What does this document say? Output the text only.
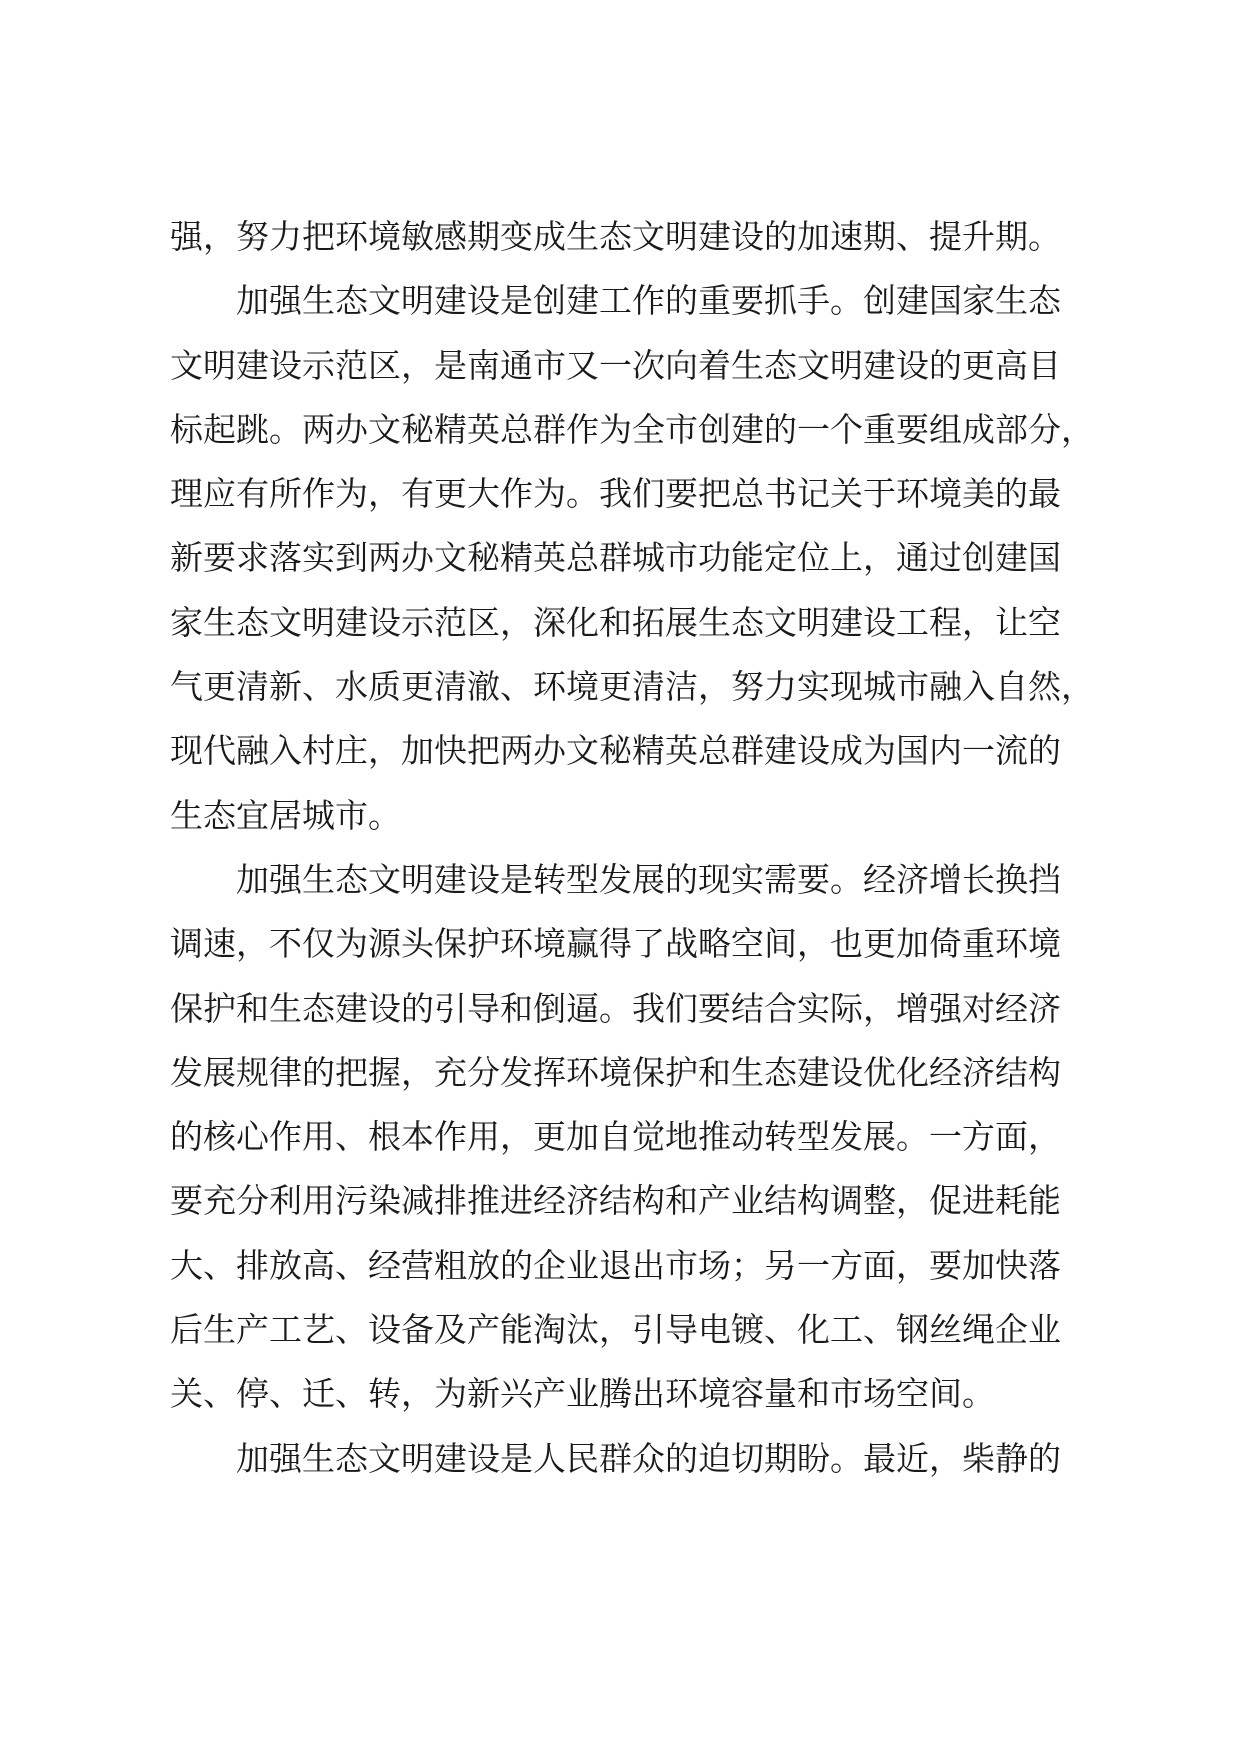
强，努力把环境敏感期变成生态文明建设的加速期、提升期。

加强生态文明建设是创建工作的重要抓手。创建国家生态
文明建设示范区，是南通市又一次向着生态文明建设的更高目
标起跳。两办文秘精英总群作为全市创建的一个重要组成部分，
理应有所作为，有更大作为。我们要把总书记关于环境美的最
新要求落实到两办文秘精英总群城市功能定位上，通过创建国
家生态文明建设示范区，深化和拓展生态文明建设工程，让空
气更清新、水质更清澈、环境更清洁，努力实现城市融入自然，
现代融入村庄，加快把两办文秘精英总群建设成为国内一流的
生态宜居城市。

加强生态文明建设是转型发展的现实需要。经济增长换挡
调速，不仅为源头保护环境赢得了战略空间，也更加倚重环境
保护和生态建设的引导和倒逼。我们要结合实际，增强对经济
发展规律的把握，充分发挥环境保护和生态建设优化经济结构
的核心作用、根本作用，更加自觉地推动转型发展。一方面，
要充分利用污染减排推进经济结构和产业结构调整，促进耗能
大、排放高、经营粗放的企业退出市场；另一方面，要加快落
后生产工艺、设备及产能淘汰，引导电镀、化工、钢丝绳企业
关、停、迁、转，为新兴产业腾出环境容量和市场空间。

加强生态文明建设是人民群众的迫切期盼。最近，柴静的
